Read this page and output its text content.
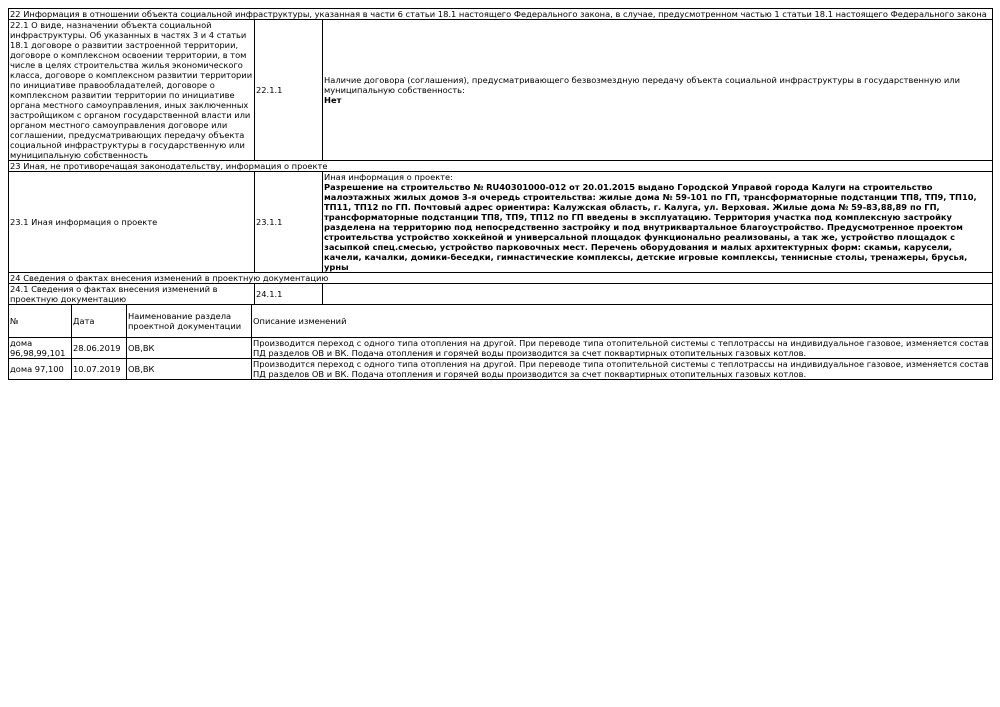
22 Информация в отношении объекта социальной инфраструктуры, указанная в части 6 статьи 18.1 настоящего Федерального закона, в случае, предусмотренном частью 1 статьи 18.1 настоящего Федерального закона		
22.1 О виде, назначении объекта социальной инфраструктуры. Об указанных в частях 3 и 4 статьи 18.1 договоре о развитии застроенной территории, договоре о комплексном освоении территории, в том числе в целях строительства жилья экономического класса, договоре о комплексном развитии территории по инициативе правообладателей, договоре о комплексном развитии территории по инициативе органа местного самоуправления, иных заключенных застройщиком с органом государственной власти или органом местного самоуправления договоре или соглашении, предусматривающих передачу объекта социальной инфраструктуры в государственную или муниципальную собственность	22.1.1	Наличие договора (соглашения), предусматривающего безвозмездную передачу объекта социальной инфраструктуры в государственную или муниципальную собственность:
Нет

23 Иная, не противоречащая законодательству, информация о проекте		
23.1 Иная информация о проекте	23.1.1	Иная информация о проекте:
Разрешение на строительство № RU40301000-012 от 20.01.2015 выдано Городской Управой города Калуги на строительство малоэтажных жилых домов 3-я очередь строительства: жилые дома № 59-101 по ГП, трансформаторные подстанции ТП8, ТП9, ТП10, ТП11, ТП12 по ГП. Почтовый адрес ориентира: Калужская область, г. Калуга, ул. Верховая. Жилые дома № 59-83,88,89 по ГП, трансформаторные подстанции ТП8, ТП9, ТП12 по ГП введены в эксплуатацию. Территория участка под комплексную застройку разделена на территорию под непосредственно застройку и под внутриквартальное благоустройство. Предусмотренное проектом строительства устройство хоккейной и универсальной площадок функционально реализованы, а так же, устройство площадок с засыпкой спец.смесью, устройство парковочных мест. Перечень оборудования и малых архитектурных форм: скамьи, карусели, качели, качалки, домики-беседки, гимнастические комплексы, детские игровые комплексы, теннисные столы, тренажеры, брусья, урны
24 Сведения о фактах внесения изменений в проектную документацию
24.1 Сведения о фактах внесения изменений в проектную документацию	24.1.1	
№	Дата	Наименование раздела проектной документации	Описание изменений
дома 96,98,99,101	28.06.2019	ОВ,ВК	Производится переход с одного типа отопления на другой. При переводе типа отопительной системы с теплотрассы на индивидуальное газовое, изменяется состав ПД разделов ОВ и ВК. Подача отопления и горячей воды производится за счет поквартирных отопительных газовых котлов.
дома 97,100	10.07.2019	ОВ,ВК	Производится переход с одного типа отопления на другой. При переводе типа отопительной системы с теплотрассы на индивидуальное газовое, изменяется состав ПД разделов ОВ и ВК. Подача отопления и горячей воды производится за счет поквартирных отопительных газовых котлов.
